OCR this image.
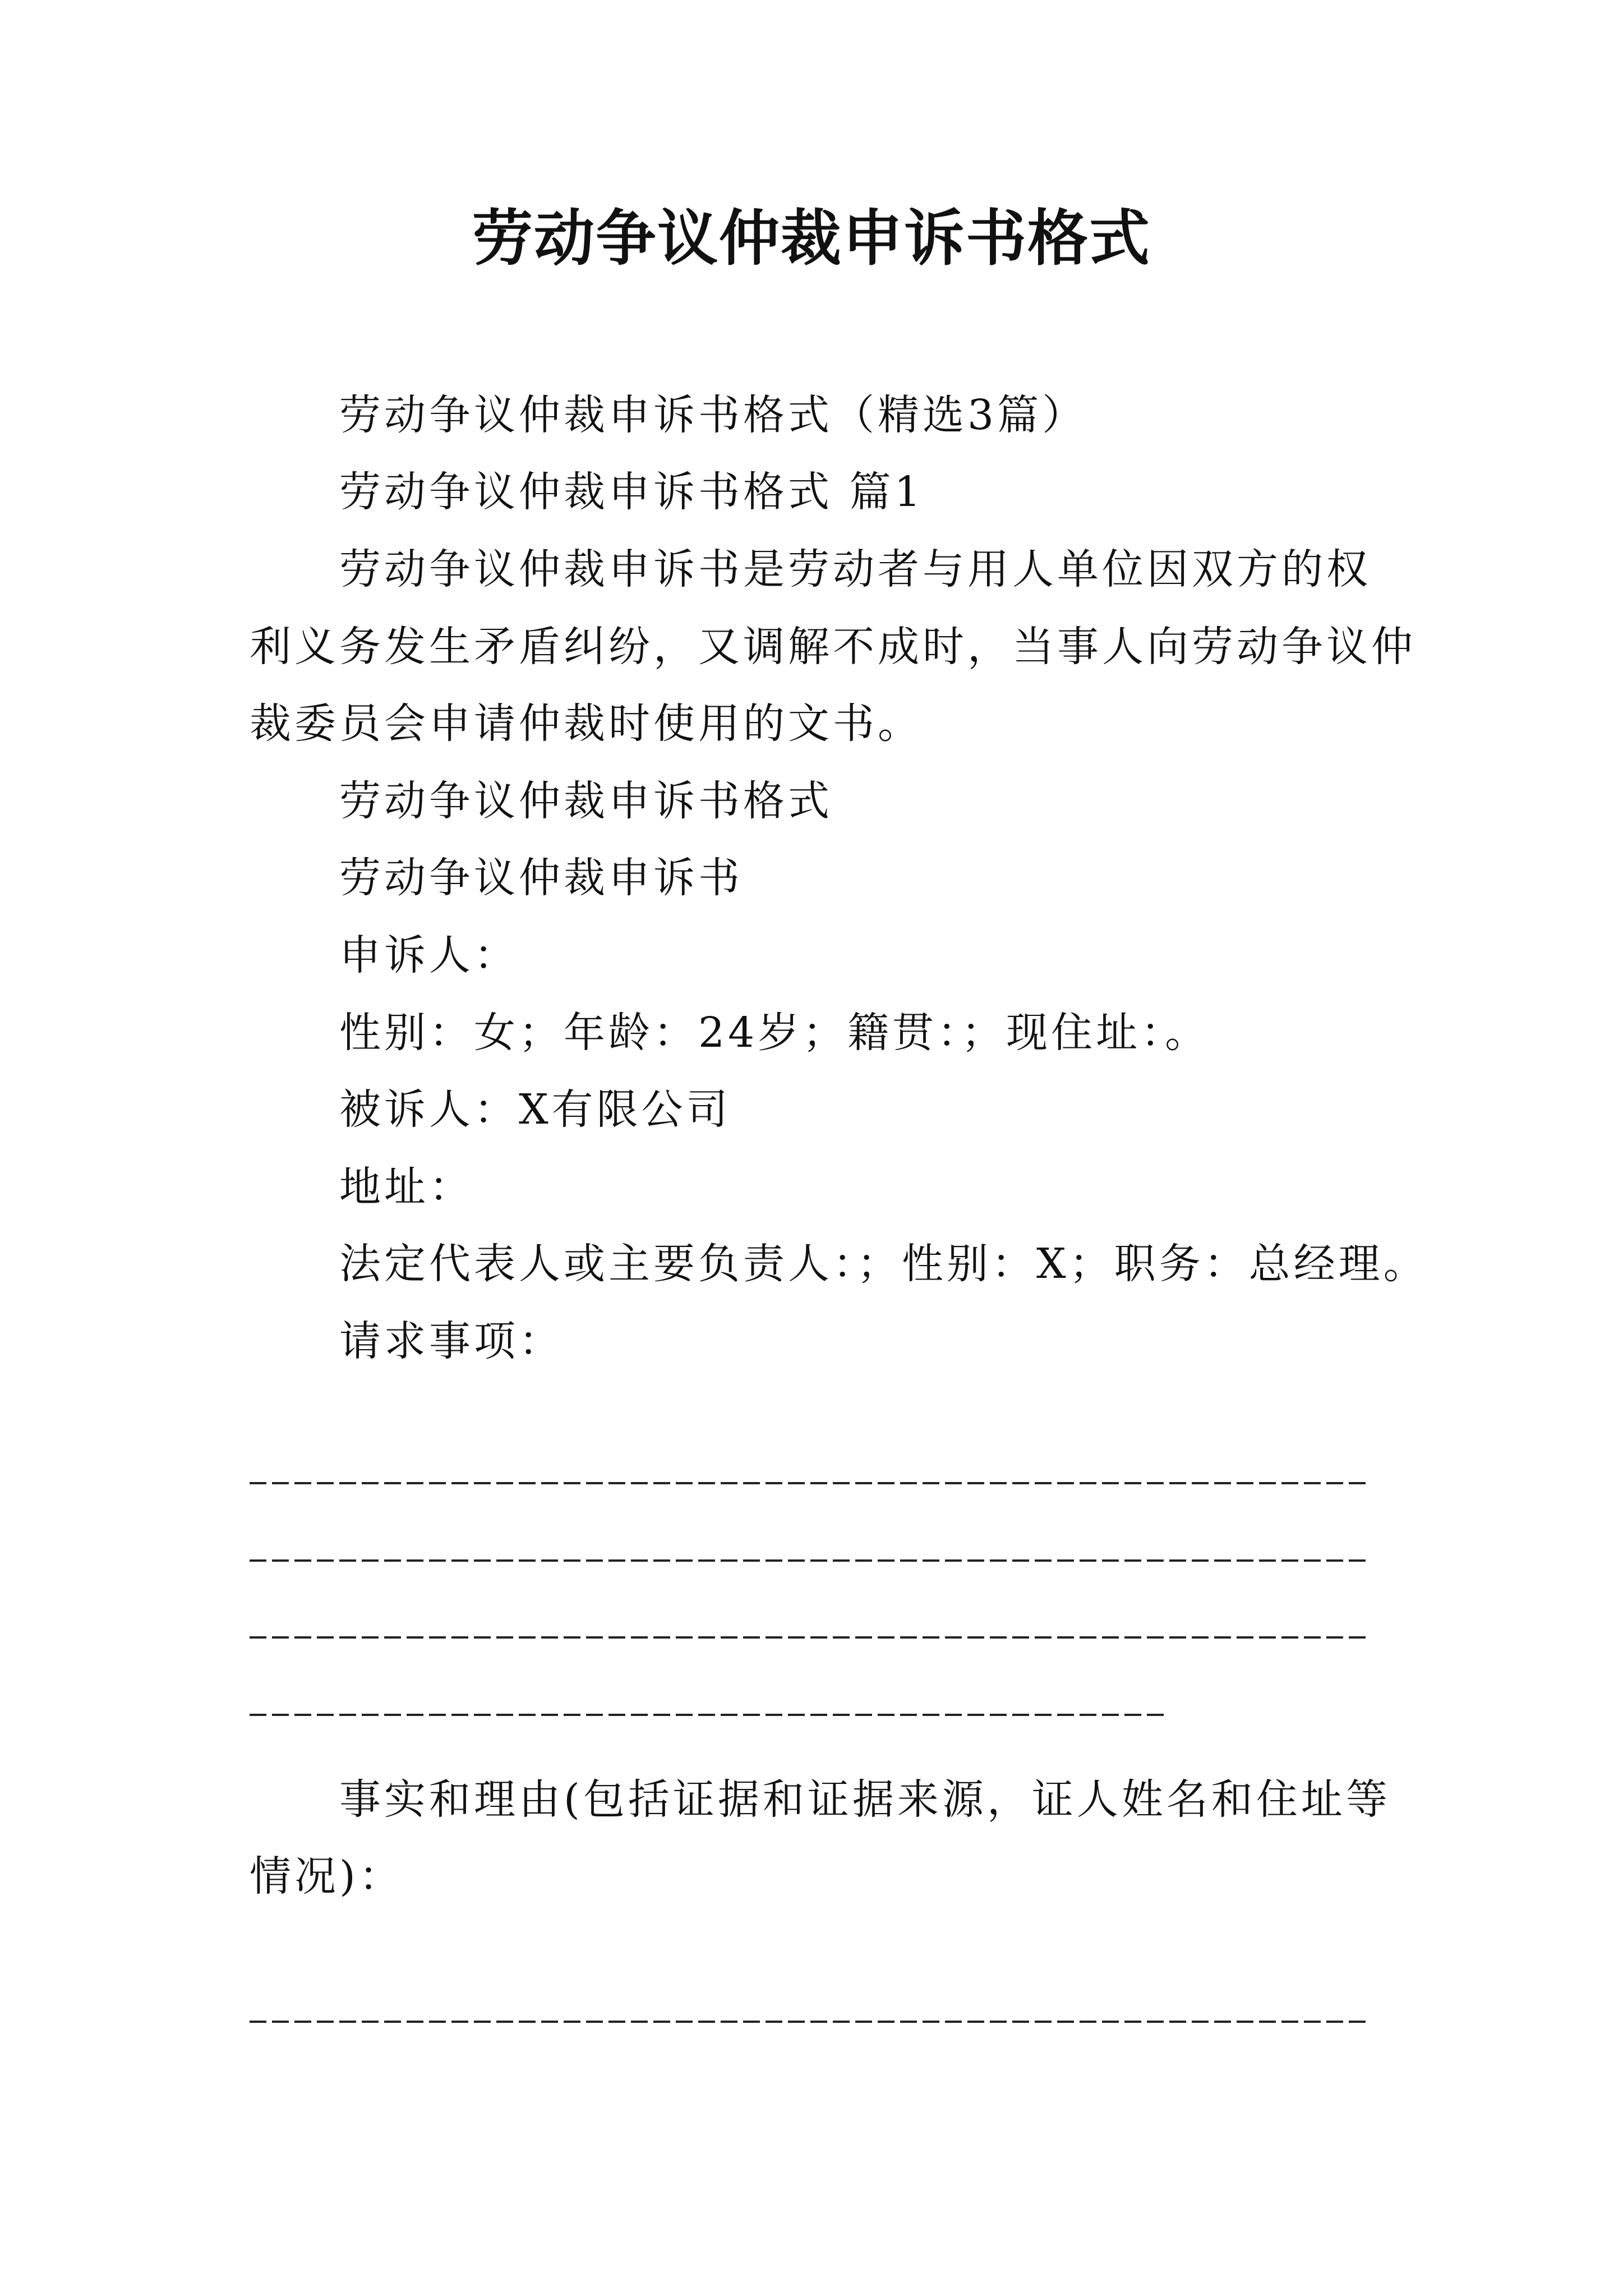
劳动争议仲裁申诉书格式
劳动争议仲裁申诉书格式（精选3篇）
劳动争议仲裁申诉书格式 篇1
劳动争议仲裁申诉书是劳动者与用人单位因双方的权
利义务发生矛盾纠纷，又调解不成时，当事人向劳动争议仲
裁委员会申请仲裁时使用的文书。
劳动争议仲裁申诉书格式
劳动争议仲裁申诉书
申诉人：
性别：女；年龄：24岁；籍贯：；现住址：。
被诉人：X有限公司
地址：
法定代表人或主要负责人：；性别：X；职务：总经理。
请求事项：
事实和理由(包括证据和证据来源，证人姓名和住址等
情况)：
